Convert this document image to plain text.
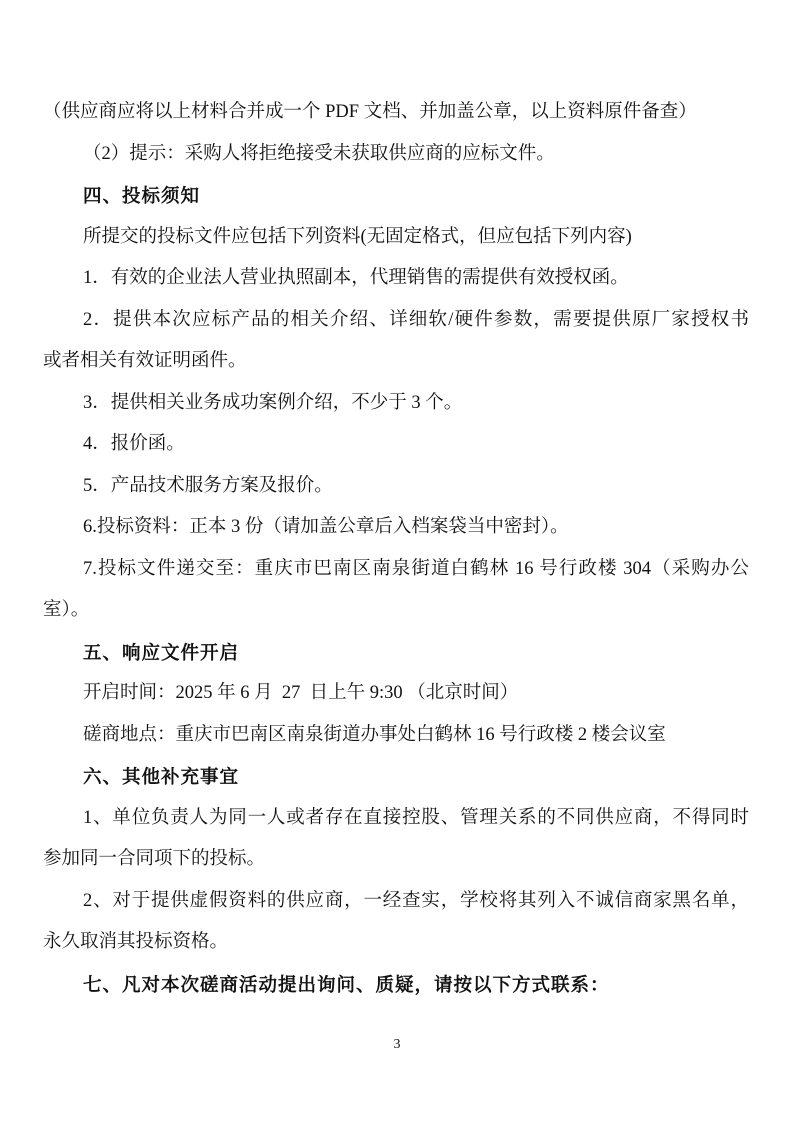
（供应商应将以上材料合并成一个 PDF 文档、并加盖公章，以上资料原件备查）
（2）提示：采购人将拒绝接受未获取供应商的应标文件。
四、投标须知
所提交的投标文件应包括下列资料(无固定格式，但应包括下列内容)
1．有效的企业法人营业执照副本，代理销售的需提供有效授权函。
2．提供本次应标产品的相关介绍、详细软/硬件参数，需要提供原厂家授权书
或者相关有效证明函件。
3．提供相关业务成功案例介绍，不少于 3 个。
4．报价函。
5．产品技术服务方案及报价。
6.投标资料：正本 3 份（请加盖公章后入档案袋当中密封）。
7.投标文件递交至：重庆市巴南区南泉街道白鹤林 16 号行政楼 304（采购办公
室）。
五、响应文件开启
开启时间：2025 年 6 月  27  日上午 9:30 （北京时间）
磋商地点：重庆市巴南区南泉街道办事处白鹤林 16 号行政楼 2 楼会议室
六、其他补充事宜
1、单位负责人为同一人或者存在直接控股、管理关系的不同供应商，不得同时
参加同一合同项下的投标。
2、对于提供虚假资料的供应商，一经查实，学校将其列入不诚信商家黑名单，
永久取消其投标资格。
七、凡对本次磋商活动提出询问、质疑，请按以下方式联系：
3
